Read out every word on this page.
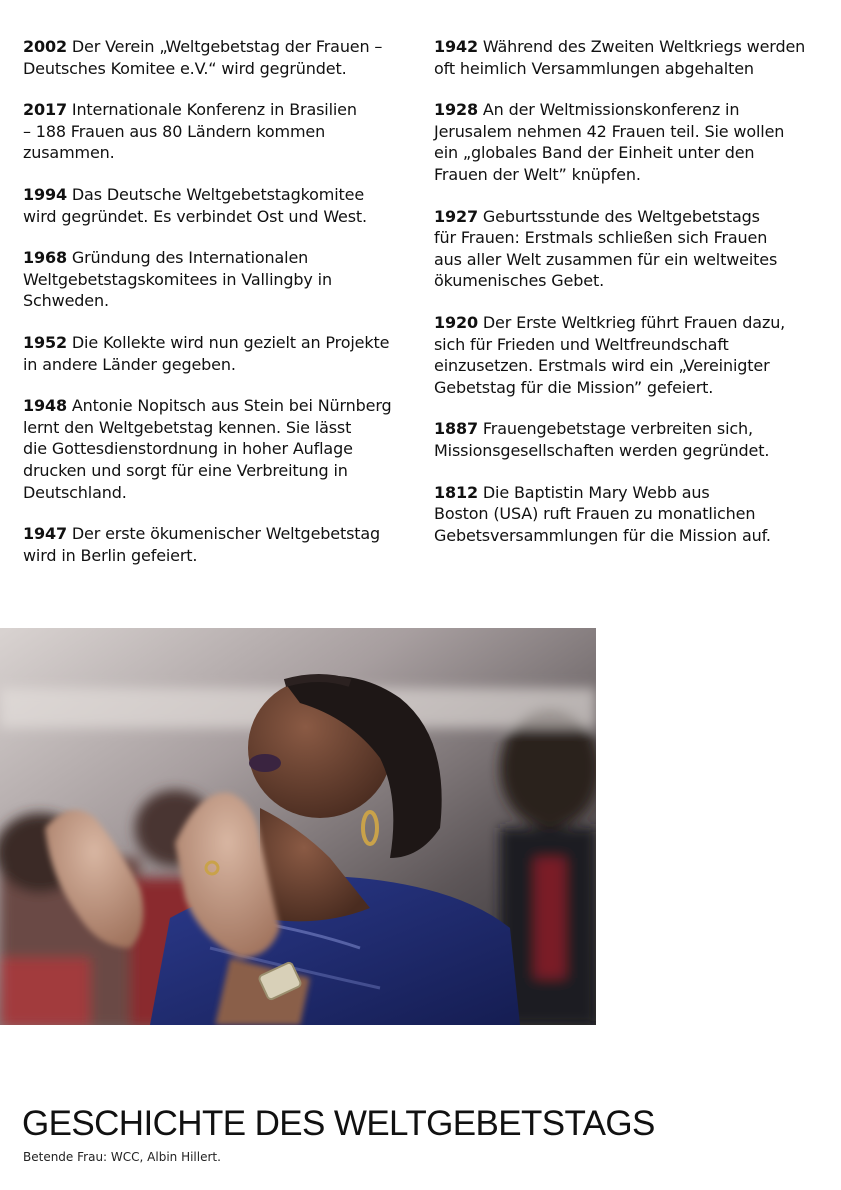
2002 Der Verein „Weltgebetstag der Frauen –
Deutsches Komitee e.V.“ wird gegründet.

2017 Internationale Konferenz in Brasilien
– 188 Frauen aus 80 Ländern kommen
zusammen.

1994 Das Deutsche Weltgebetstagkomitee
wird gegründet. Es verbindet Ost und West.

1968 Gründung des Internationalen
Weltgebetstagskomitees in Vallingby in
Schweden.

1952 Die Kollekte wird nun gezielt an Projekte
in andere Länder gegeben.

1948 Antonie Nopitsch aus Stein bei Nürnberg
lernt den Weltgebetstag kennen. Sie lässt
die Gottesdienstordnung in hoher Auflage
drucken und sorgt für eine Verbreitung in
Deutschland.

1947 Der erste ökumenischer Weltgebetstag
wird in Berlin gefeiert.

1942 Während des Zweiten Weltkriegs werden
oft heimlich Versammlungen abgehalten

1928 An der Weltmissionskonferenz in
Jerusalem nehmen 42 Frauen teil. Sie wollen
ein „globales Band der Einheit unter den
Frauen der Welt” knüpfen.

1927 Geburtsstunde des Weltgebetstags
für Frauen: Erstmals schließen sich Frauen
aus aller Welt zusammen für ein weltweites
ökumenisches Gebet.

1920 Der Erste Weltkrieg führt Frauen dazu,
sich für Frieden und Weltfreundschaft
einzusetzen. Erstmals wird ein „Vereinigter
Gebetstag für die Mission” gefeiert.

1887 Frauengebetstage verbreiten sich,
Missionsgesellschaften werden gegründet.

1812 Die Baptistin Mary Webb aus
Boston (USA) ruft Frauen zu monatlichen
Gebetsversammlungen für die Mission auf.

GESCHICHTE DES WELTGEBETSTAGS
Betende Frau: WCC, Albin Hillert.
